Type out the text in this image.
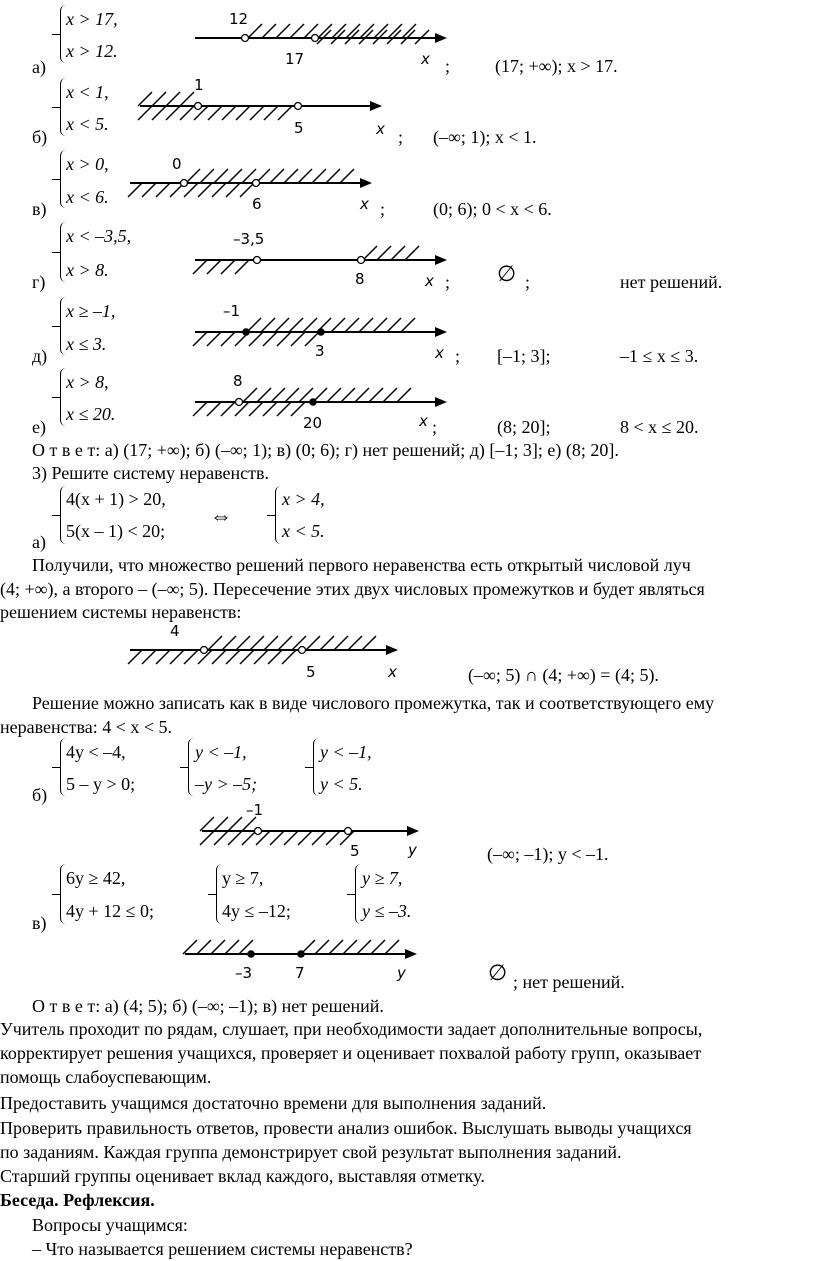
x > 17,
x > 12.
а)
12
17	x ; (17; +∞); x > 17.
x < 1,
x < 5.
б)
1
5	x ; (–∞; 1); x < 1.
x > 0,
x < 6.
в)
0
6	x ;	(0; 6); 0 < x < 6.
x < –3,5,
x > 8.
г)
–3,5
8	x ; ∅ ;	нет решений.
x ≥ –1,
x ≤ 3.
д)
–1
3	x ; [–1; 3];	–1 ≤ x ≤ 3.
x > 8,
x ≤ 20.
е)
8
20	x ;	(8; 20];	8 < x ≤ 20.
О т в е т: а) (17; +∞); б) (–∞; 1); в) (0; 6); г) нет решений; д) [–1; 3]; е) (8; 20].
3) Решите систему неравенств.
4(x + 1) > 20,
5(x – 1) < 20;
а)
⇔
x > 4,
x < 5.
Получили, что множество решений первого неравенства есть открытый числовой луч
(4; +∞), а второго – (–∞; 5). Пересечение этих двух числовых промежутков и будет являться
решением системы неравенств:
4
5	x	(–∞; 5) ∩ (4; +∞) = (4; 5).
Решение можно записать как в виде числового промежутка, так и соответствующего ему
неравенства: 4 < x < 5.
4y < –4,
5 – y > 0;
y < –1,
–y > –5;
y < –1,
y < 5.
б)
–1
5	y	(–∞; –1); y < –1.
6y ≥ 42,
4y + 12 ≤ 0;
y ≥ 7,
4y ≤ –12;
y ≥ 7,
y ≤ –3.
в)
–3	7	y	∅ ; нет решений.
О т в е т: а) (4; 5); б) (–∞; –1); в) нет решений.
Учитель проходит по рядам, слушает, при необходимости задает дополнительные вопросы,
корректирует решения учащихся, проверяет и оценивает похвалой работу групп, оказывает
помощь слабоуспевающим.
Предоставить учащимся достаточно времени для выполнения заданий.
Проверить правильность ответов, провести анализ ошибок. Выслушать выводы учащихся
по заданиям. Каждая группа демонстрирует свой результат выполнения заданий.
Старший группы оценивает вклад каждого, выставляя отметку.
Беседа. Рефлексия.
Вопросы учащимся:
– Что называется решением системы неравенств?
